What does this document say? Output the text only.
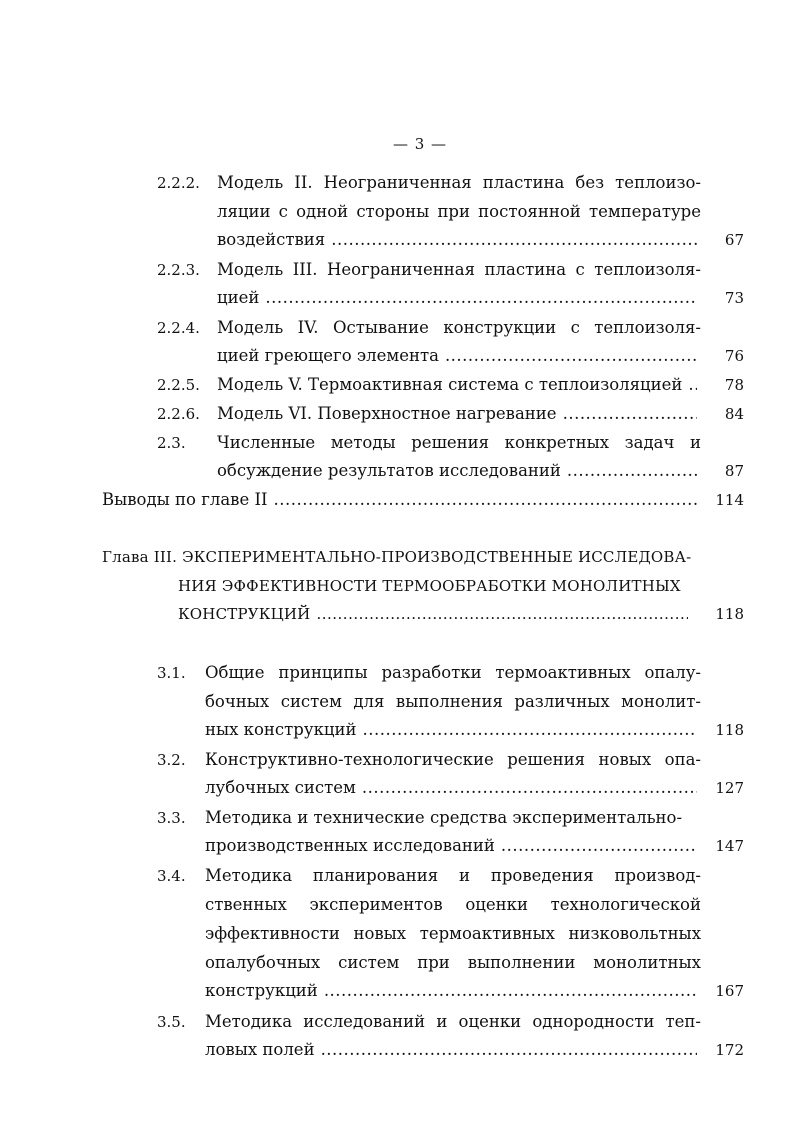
— 3 —
2.2.2. Модель II. Неограниченная пластина без теплоизо-
ляции с одной стороны при постоянной температуре
воздействия .....	67
2.2.3. Модель III. Неограниченная пластина с теплоизоля-
цией .....	73
2.2.4. Модель IV. Остывание конструкции с теплоизоля-
цией греющего элемента .....	76
2.2.5. Модель V. Термоактивная система с теплоизоляцией .....	78
2.2.6. Модель VI. Поверхностное нагревание .....	84
2.3. Численные методы решения конкретных задач и
обсуждение результатов исследований .....	87
Выводы по главе II .....	114
Глава III. ЭКСПЕРИМЕНТАЛЬНО-ПРОИЗВОДСТВЕННЫЕ ИССЛЕДОВА-
НИЯ ЭФФЕКТИВНОСТИ ТЕРМООБРАБОТКИ МОНОЛИТНЫХ
КОНСТРУКЦИЙ .....	118
3.1. Общие принципы разработки термоактивных опалу-
бочных систем для выполнения различных монолит-
ных конструкций .....	118
3.2. Конструктивно-технологические решения новых опа-
лубочных систем .....	127
3.3. Методика и технические средства экспериментально-
производственных исследований .....	147
3.4. Методика планирования и проведения производ-
ственных экспериментов оценки технологической
эффективности новых термоактивных низковольтных
опалубочных систем при выполнении монолитных
конструкций .....	167
3.5. Методика исследований и оценки однородности теп-
ловых полей .....	172
